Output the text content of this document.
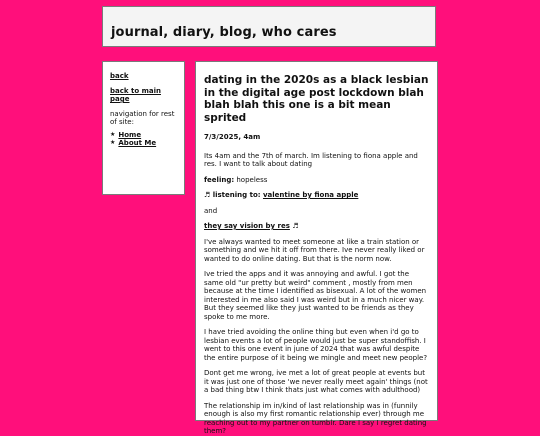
journal, diary, blog, who cares
back
back to main page
navigation for rest of site:
★ Home
★ About Me
dating in the 2020s as a black lesbian in the digital age post lockdown blah blah blah this one is a bit mean sprited

7/3/2025, 4am

Its 4am and the 7th of march. Im listening to fiona apple and res. I want to talk about dating

feeling: hopeless

♬ listening to: valentine by fiona apple

and

they say vision by res ♬

I've always wanted to meet someone at like a train station or something and we hit it off from there. Ive never really liked or wanted to do online dating. But that is the norm now.

Ive tried the apps and it was annoying and awful. I got the same old "ur pretty but weird" comment , mostly from men because at the time I identified as bisexual. A lot of the women interested in me also said I was weird but in a much nicer way. But they seemed like they just wanted to be friends as they spoke to me more.

I have tried avoiding the online thing but even when i'd go to lesbian events a lot of people would just be super standoffish. I went to this one event in june of 2024 that was awful despite the entire purpose of it being we mingle and meet new people?

Dont get me wrong, ive met a lot of great people at events but it was just one of those 'we never really meet again' things (not a bad thing btw I think thats just what comes with adulthood)

The relationship im in/kind of last relationship was in (funnily enough is also my first romantic relationship ever) through me reaching out to my partner on tumblr. Dare I say I regret dating them?
